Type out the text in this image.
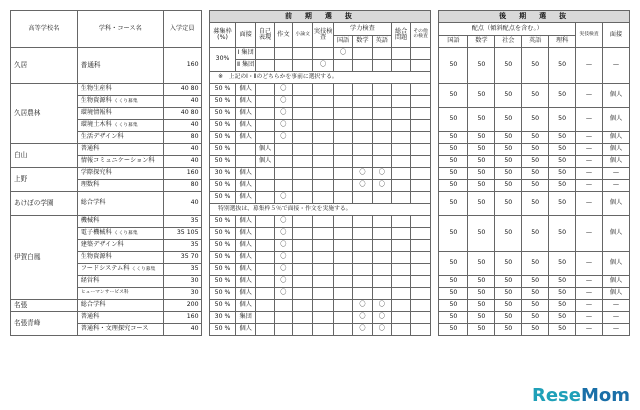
高等学校名	学科・コース名	入学定員		前　期　選　抜												後　期　選　抜						
				募集枠
(%)	面接	自己表現	作文	小論文	実技検査	学力検査			総合問題	その他の検査		配点（傾斜配点を含む。）					実技検査	面接
										国語	数学	英語				国語	数学	社会	英語	理科		
久居	普通科	160		30%	Ⅰ 集団					〇						50	50	50	50	50	—	—
					Ⅱ 集団				〇													
				※　上記のⅠ・Ⅱのどちらかを事前に選択する。																		
久居農林	生物生産科	40 80		50 %	個人		〇									50	50	50	50	50	—	個人
	生物資源科 くくり募集	40		50 %	個人		〇															
	環境情報科	40 80		50 %	個人		〇									50	50	50	50	50	—	個人
	環境土木科 くくり募集	40		50 %	個人		〇															
	生活デザイン科	80		50 %	個人		〇									50	50	50	50	50	—	個人
白山	普通科	40		50 %		個人										50	50	50	50	50	—	個人
	情報コミュニケーション科	40		50 %		個人										50	50	50	50	50	—	個人
上野	学際探究科	160		30 %	個人						〇	〇				50	50	50	50	50	—	—
	理数科	80		50 %	個人						〇	〇				50	50	50	50	50	—	—
あけぼの学園	総合学科	40		50 %	個人		〇									50	50	50	50	50	—	個人
				特別選抜は、募集枠５％で面接・作文を実施する。																		
伊賀白鳳	機械科	35		50 %	個人		〇									50	50	50	50	50	—	個人
	電子機械科 くくり募集	35 105		50 %	個人		〇															
	建築デザイン科	35		50 %	個人		〇															
	生物資源科	35 70		50 %	個人		〇									50	50	50	50	50	—	個人
	フードシステム科 くくり募集	35		50 %	個人		〇															
	経営科	30		50 %	個人		〇									50	50	50	50	50	—	個人
	ヒューマンサービス科	30		50 %	個人		〇									50	50	50	50	50	—	個人
名張	総合学科	200		50 %	個人						〇	〇				50	50	50	50	50	—	—
名張青峰	普通科	160		30 %	集団						〇	〇				50	50	50	50	50	—	—
	普通科・文理探究コース	40		50 %	個人						〇	〇				50	50	50	50	50	—	—
ReseMom
